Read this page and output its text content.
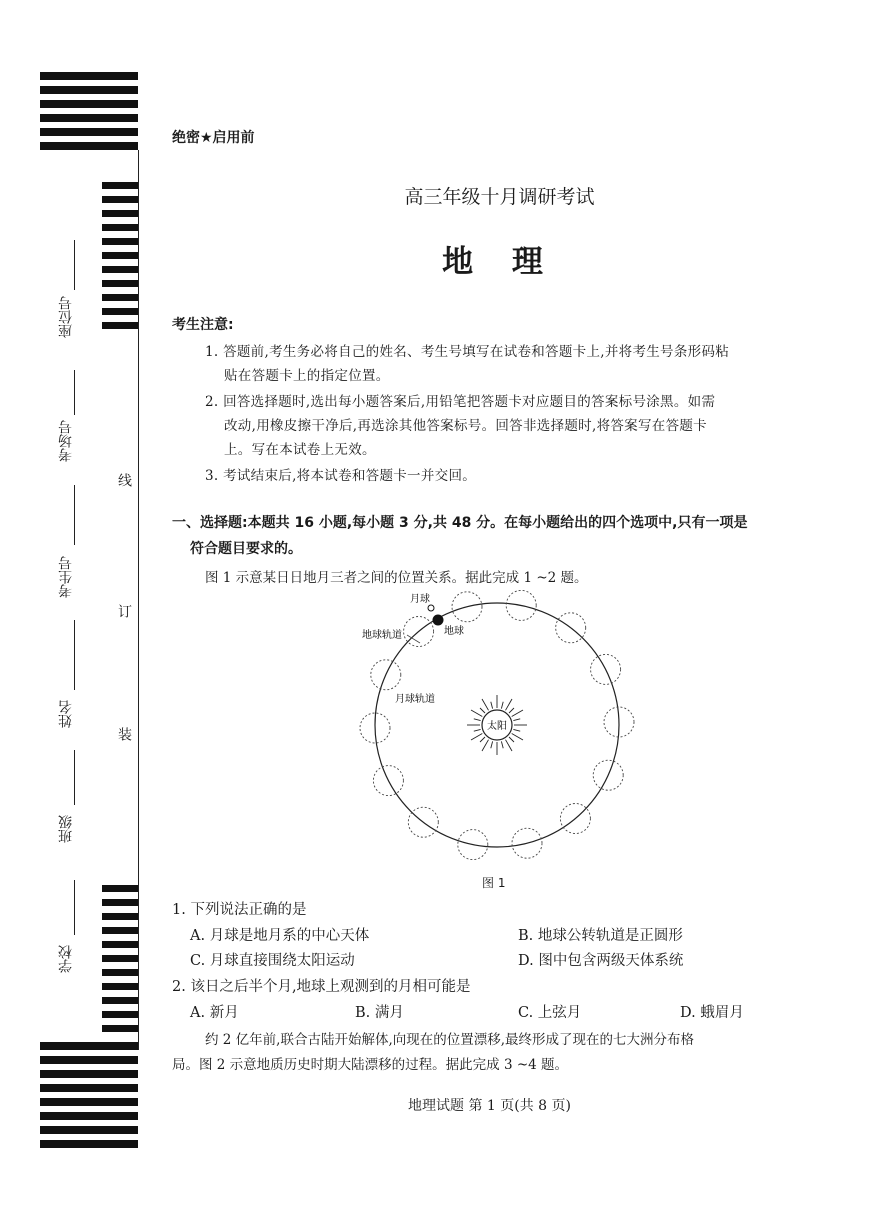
座位号
考场号
考生号
姓名
班级
学校
线
订
装
绝密★启用前
高三年级十月调研考试
地 理
考生注意:
1. 答题前,考生务必将自己的姓名、考生号填写在试卷和答题卡上,并将考生号条形码粘
贴在答题卡上的指定位置。
2. 回答选择题时,选出每小题答案后,用铅笔把答题卡对应题目的答案标号涂黑。如需
改动,用橡皮擦干净后,再选涂其他答案标号。回答非选择题时,将答案写在答题卡
上。写在本试卷上无效。
3. 考试结束后,将本试卷和答题卡一并交回。
一、选择题:本题共 16 小题,每小题 3 分,共 48 分。在每小题给出的四个选项中,只有一项是
符合题目要求的。
图 1 示意某日日地月三者之间的位置关系。据此完成 1 ~2 题。
太阳
月球
地球
地球轨道
月球轨道
图 1
1. 下列说法正确的是
A. 月球是地月系的中心天体	B. 地球公转轨道是正圆形
C. 月球直接围绕太阳运动	D. 图中包含两级天体系统
2. 该日之后半个月,地球上观测到的月相可能是
A. 新月	B. 满月	C. 上弦月	D. 蛾眉月
约 2 亿年前,联合古陆开始解体,向现在的位置漂移,最终形成了现在的七大洲分布格
局。图 2 示意地质历史时期大陆漂移的过程。据此完成 3 ~4 题。
地理试题 第 1 页(共 8 页)
